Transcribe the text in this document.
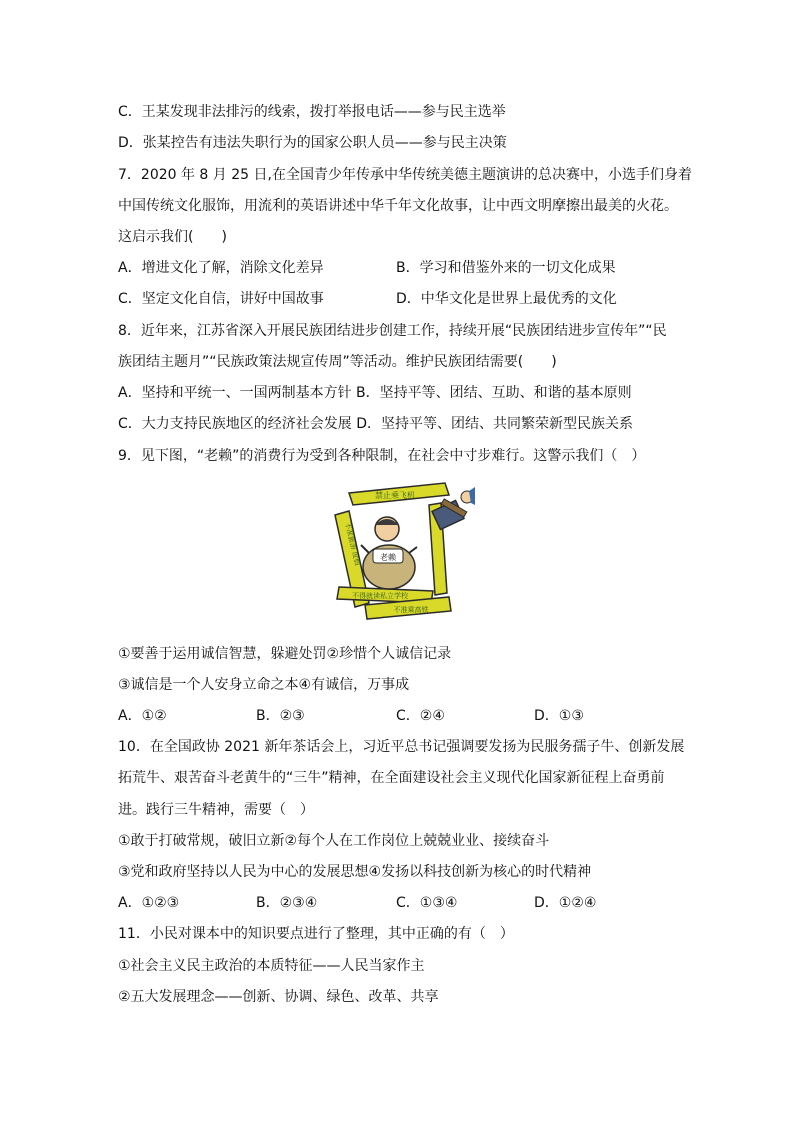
C．王某发现非法排污的线索，拨打举报电话——参与民主选举
D．张某控告有违法失职行为的国家公职人员——参与民主决策
7．2020 年 8 月 25 日,在全国青少年传承中华传统美德主题演讲的总决赛中，小选手们身着
中国传统文化服饰，用流利的英语讲述中华千年文化故事，让中西文明摩擦出最美的火花。
这启示我们(　　)
A．增进文化了解，消除文化差异	B．学习和借鉴外来的一切文化成果
C．坚定文化自信，讲好中国故事	D．中华文化是世界上最优秀的文化
8．近年来，江苏省深入开展民族团结进步创建工作，持续开展“民族团结进步宣传年”“民
族团结主题月”“民族政策法规宣传周”等活动。维护民族团结需要(　　)
A．坚持和平统一、一国两制基本方针 B．坚持平等、团结、互助、和谐的基本原则
C．大力支持民族地区的经济社会发展 D．坚持平等、团结、共同繁荣新型民族关系
9．见下图，“老赖”的消费行为受到各种限制，在社会中寸步难行。这警示我们（　）
禁止乘飞机
不得就读私立学校
不准乘高铁
不准旅游 度假 老赖
①要善于运用诚信智慧，躲避处罚②珍惜个人诚信记录
③诚信是一个人安身立命之本④有诚信，万事成
A．①②	B．②③	C．②④	D．①③
10．在全国政协 2021 新年茶话会上，习近平总书记强调要发扬为民服务孺子牛、创新发展
拓荒牛、艰苦奋斗老黄牛的“三牛”精神，在全面建设社会主义现代化国家新征程上奋勇前
进。践行三牛精神，需要（　）
①敢于打破常规，破旧立新②每个人在工作岗位上兢兢业业、接续奋斗
③党和政府坚持以人民为中心的发展思想④发扬以科技创新为核心的时代精神
A．①②③	B．②③④	C．①③④	D．①②④
11．小民对课本中的知识要点进行了整理，其中正确的有（　）
①社会主义民主政治的本质特征——人民当家作主
②五大发展理念——创新、协调、绿色、改革、共享
